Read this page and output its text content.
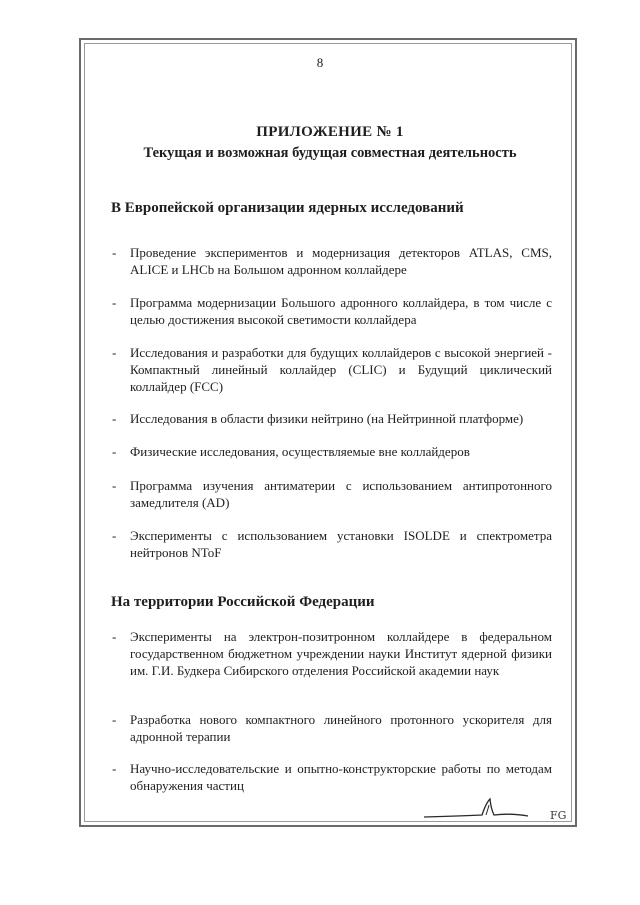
8
ПРИЛОЖЕНИЕ № 1
Текущая и возможная будущая совместная деятельность
В Европейской организации ядерных исследований
- Проведение экспериментов и модернизация детекторов ATLAS, CMS, ALICE и LHCb на Большом адронном коллайдере
- Программа модернизации Большого адронного коллайдера, в том числе с целью достижения высокой светимости коллайдера
- Исследования и разработки для будущих коллайдеров с высокой энергией - Компактный линейный коллайдер (CLIC) и Будущий циклический коллайдер (FCC)
- Исследования в области физики нейтрино (на Нейтринной платформе)
- Физические исследования, осуществляемые вне коллайдеров
- Программа изучения антиматерии с использованием антипротонного замедлителя (AD)
- Эксперименты с использованием установки ISOLDE и спектрометра нейтронов NToF
На территории Российской Федерации
- Эксперименты на электрон-позитронном коллайдере в федеральном государственном бюджетном учреждении науки Институт ядерной физики им. Г.И. Будкера Сибирского отделения Российской академии наук
- Разработка нового компактного линейного протонного ускорителя для адронной терапии
- Научно-исследовательские и опытно-конструкторские работы по методам обнаружения частиц
FG
